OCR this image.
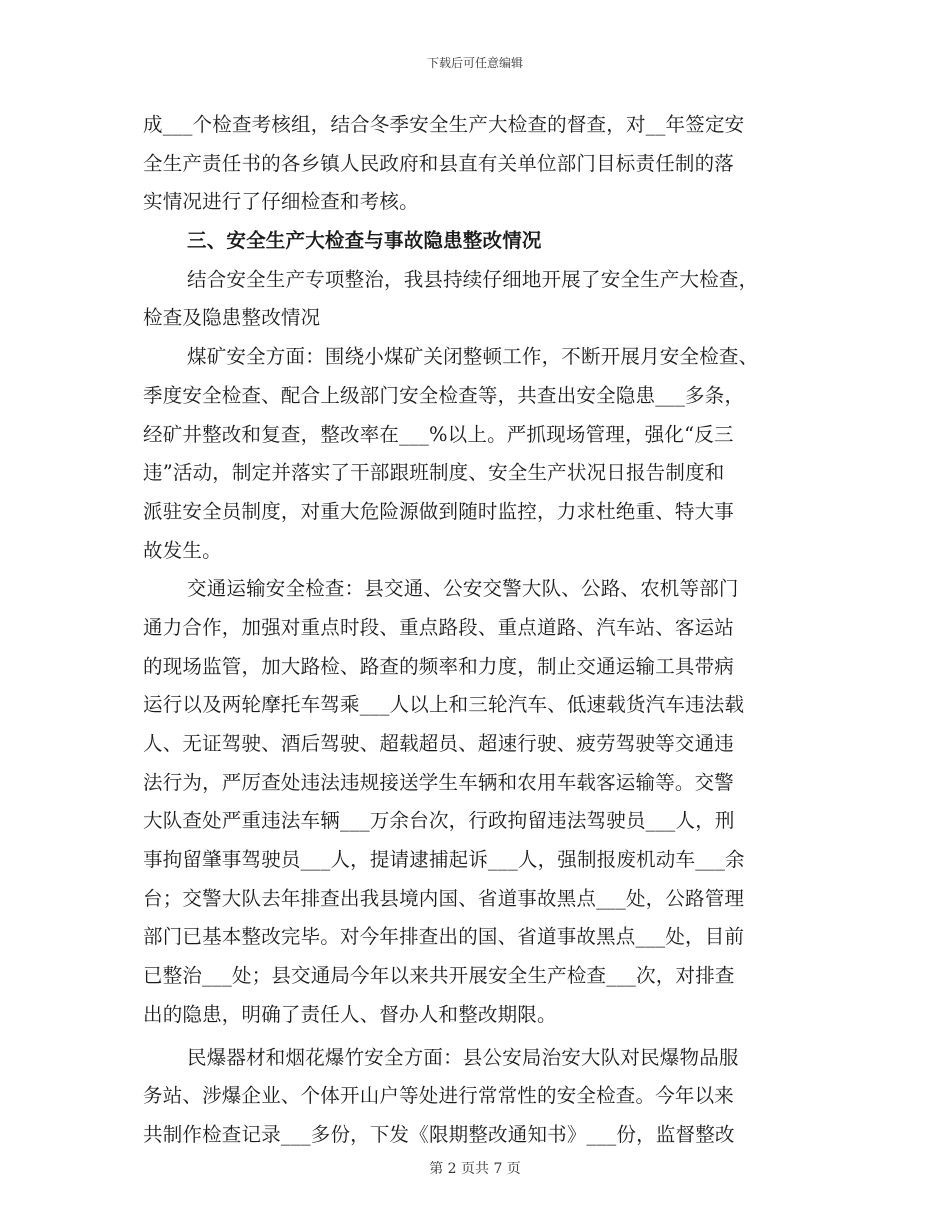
下载后可任意编辑
成___个检查考核组，结合冬季安全生产大检查的督查，对__年签定安
全生产责任书的各乡镇人民政府和县直有关单位部门目标责任制的落
实情况进行了仔细检查和考核。
三、安全生产大检查与事故隐患整改情况
结合安全生产专项整治，我县持续仔细地开展了安全生产大检查，
检查及隐患整改情况
煤矿安全方面：围绕小煤矿关闭整顿工作，不断开展月安全检查、
季度安全检查、配合上级部门安全检查等，共查出安全隐患___多条，
经矿井整改和复查，整改率在___%以上。严抓现场管理，强化“反三
违”活动，制定并落实了干部跟班制度、安全生产状况日报告制度和
派驻安全员制度，对重大危险源做到随时监控，力求杜绝重、特大事
故发生。
交通运输安全检查：县交通、公安交警大队、公路、农机等部门
通力合作，加强对重点时段、重点路段、重点道路、汽车站、客运站
的现场监管，加大路检、路查的频率和力度，制止交通运输工具带病
运行以及两轮摩托车驾乘___人以上和三轮汽车、低速载货汽车违法载
人、无证驾驶、酒后驾驶、超载超员、超速行驶、疲劳驾驶等交通违
法行为，严厉查处违法违规接送学生车辆和农用车载客运输等。交警
大队查处严重违法车辆___万余台次，行政拘留违法驾驶员___人，刑
事拘留肇事驾驶员___人，提请逮捕起诉___人，强制报废机动车___余
台；交警大队去年排查出我县境内国、省道事故黑点___处，公路管理
部门已基本整改完毕。对今年排查出的国、省道事故黑点___处，目前
已整治___处；县交通局今年以来共开展安全生产检查___次，对排查
出的隐患，明确了责任人、督办人和整改期限。
民爆器材和烟花爆竹安全方面：县公安局治安大队对民爆物品服
务站、涉爆企业、个体开山户等处进行常常性的安全检查。今年以来
共制作检查记录___多份，下发《限期整改通知书》___份，监督整改
第 2 页共 7 页
